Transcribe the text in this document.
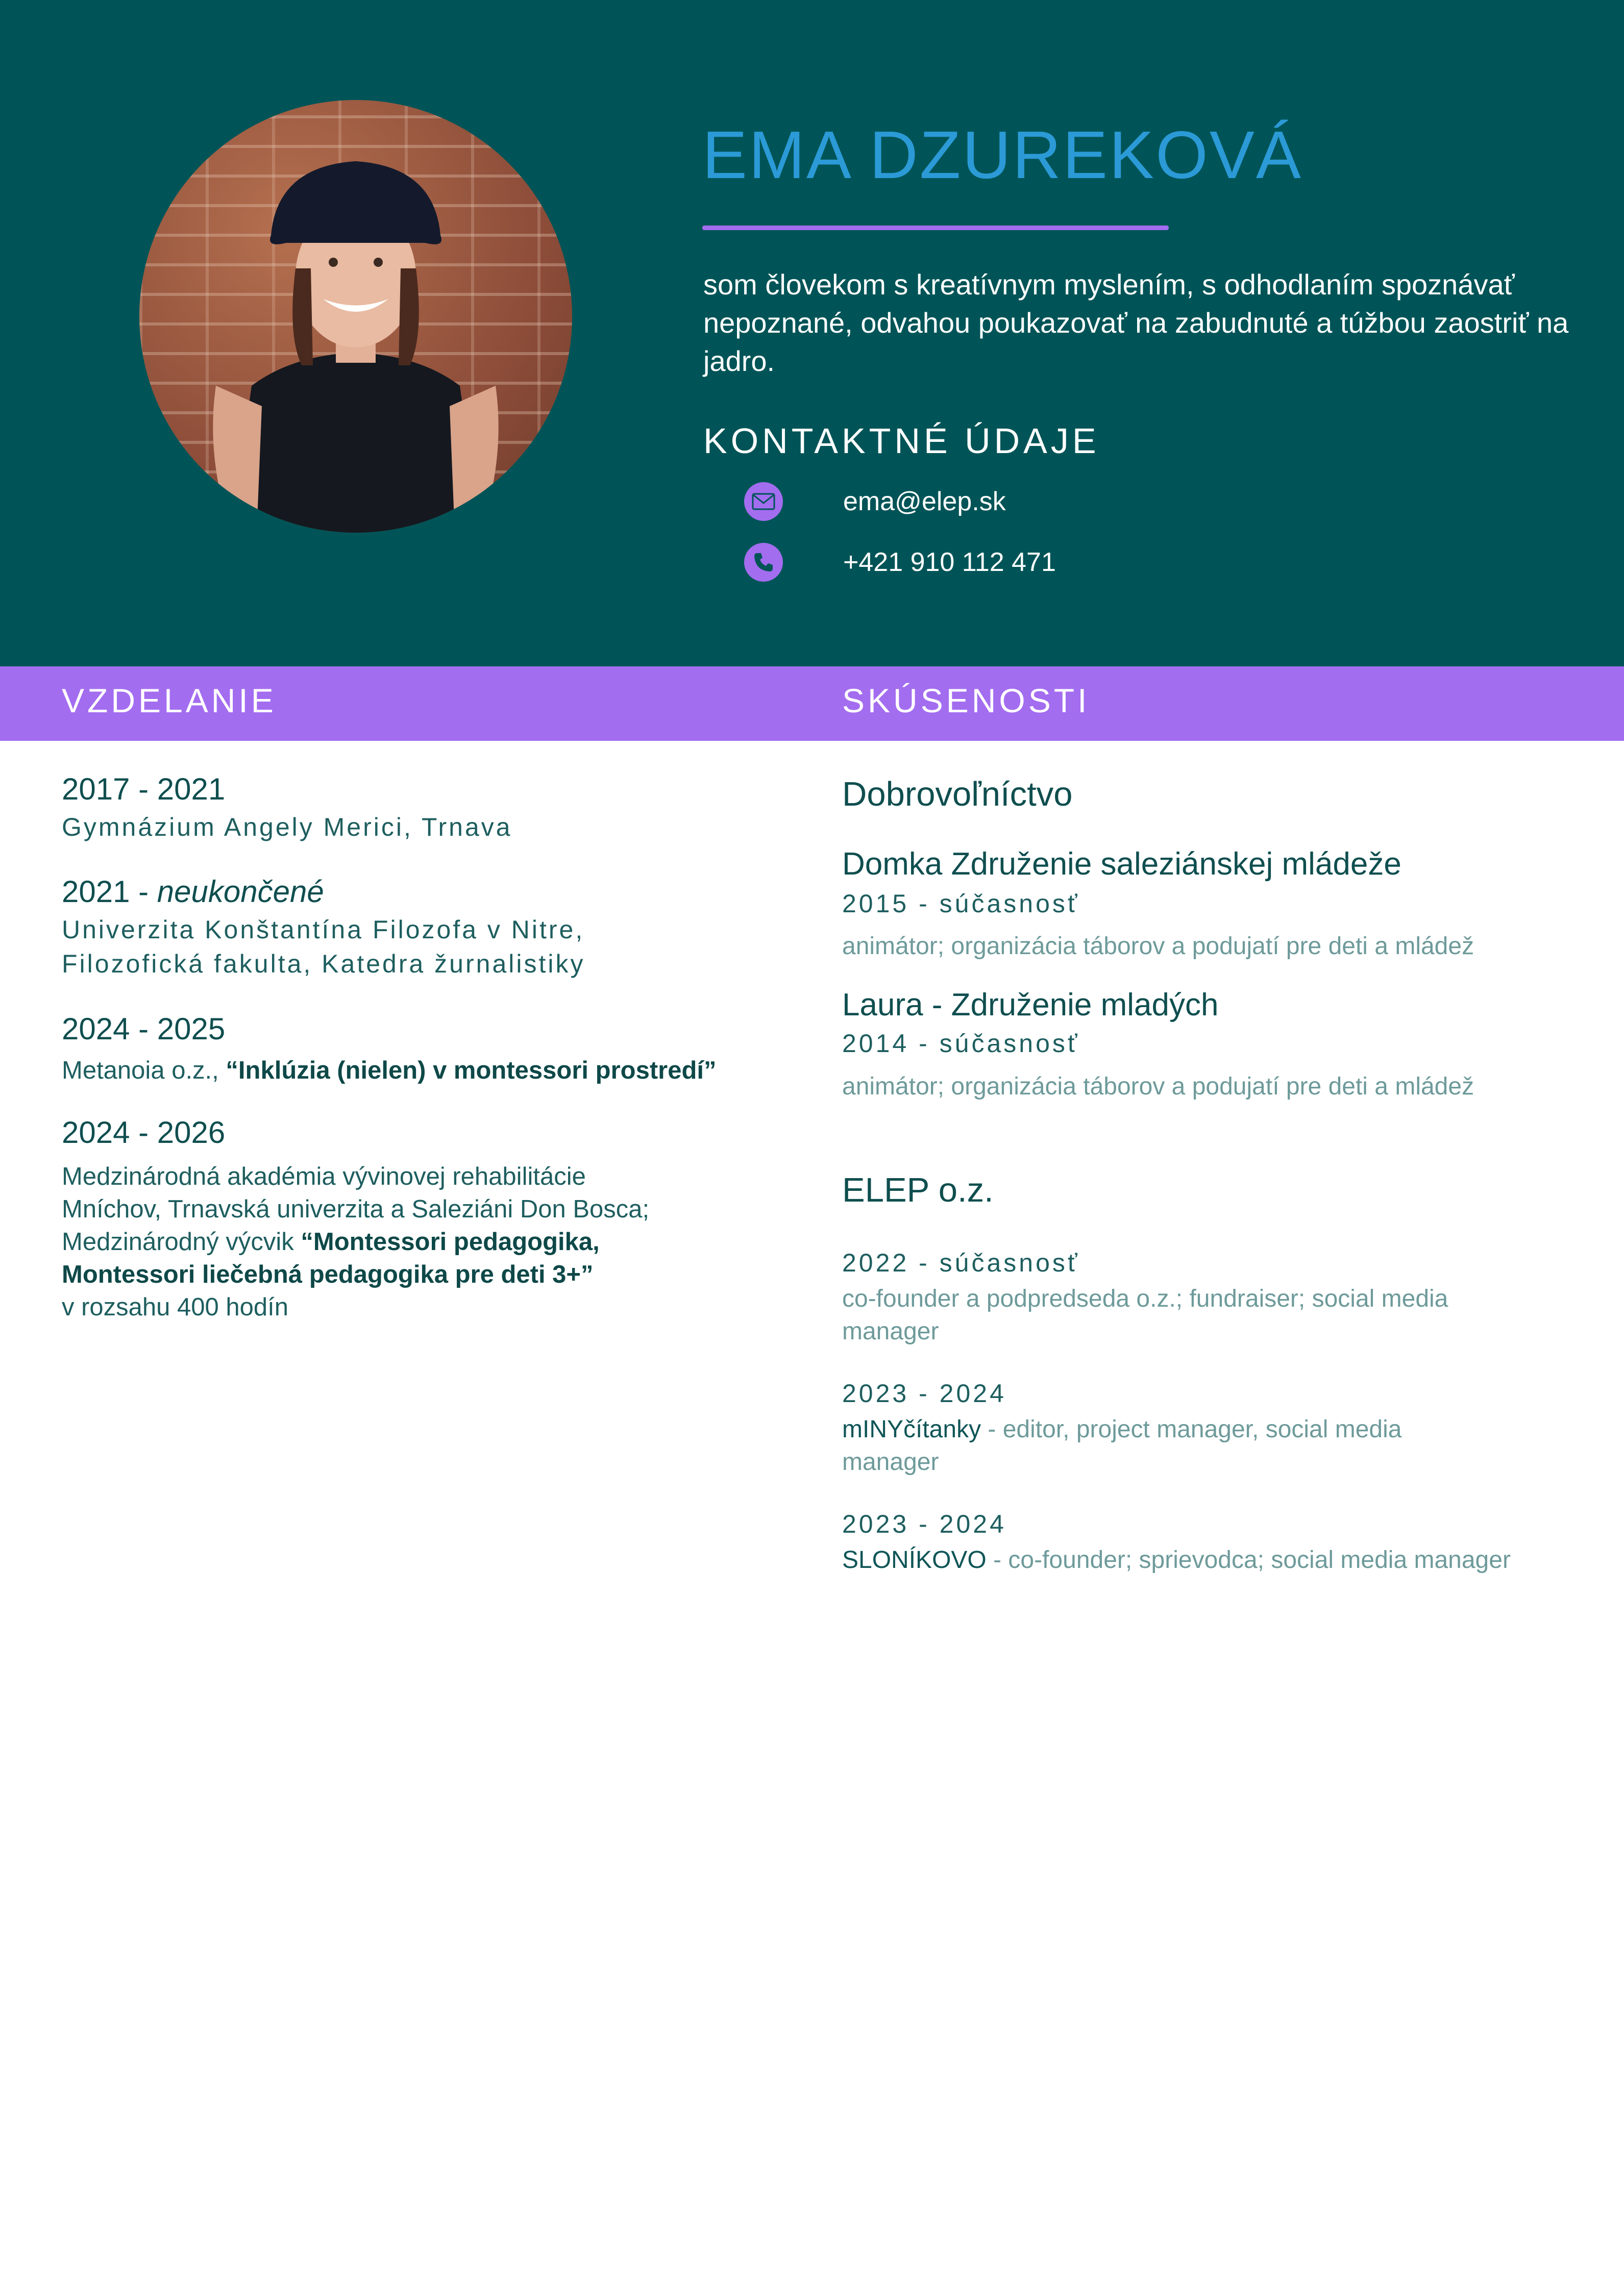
EMA DZUREKOVÁ
som človekom s kreatívnym myslením, s odhodlaním spoznávať nepoznané, odvahou poukazovať na zabudnuté a túžbou zaostriť na jadro.
KONTAKTNÉ ÚDAJE
ema@elep.sk
+421 910 112 471
VZDELANIE	SKÚSENOSTI
2017 - 2021
Gymnázium Angely Merici, Trnava
2021 - neukončené
Univerzita Konštantína Filozofa v Nitre,
Filozofická fakulta, Katedra žurnalistiky
2024 - 2025
Metanoia o.z., “Inklúzia (nielen) v montessori prostredí”
2024 - 2026
Medzinárodná akadémia vývinovej rehabilitácie
Mníchov, Trnavská univerzita a Saleziáni Don Bosca;
Medzinárodný výcvik “Montessori pedagogika,
Montessori liečebná pedagogika pre deti 3+”
v rozsahu 400 hodín
Dobrovoľníctvo
Domka Združenie saleziánskej mládeže
2015 - súčasnosť
animátor; organizácia táborov a podujatí pre deti a mládež
Laura - Združenie mladých
2014 - súčasnosť
animátor; organizácia táborov a podujatí pre deti a mládež
ELEP o.z.
2022 - súčasnosť
co-founder a podpredseda o.z.; fundraiser; social media
manager
2023 - 2024
mINYčítanky - editor, project manager, social media
manager
2023 - 2024
SLONÍKOVO - co-founder; sprievodca; social media manager
